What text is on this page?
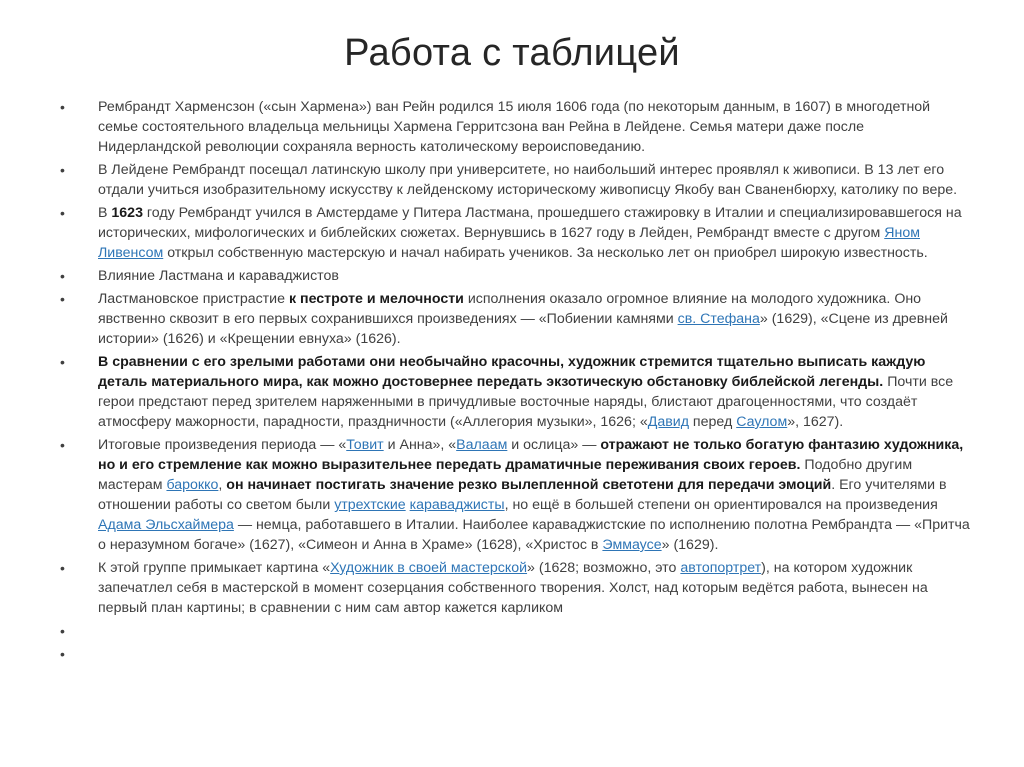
Работа с таблицей
• Рембрандт Харменсзон («сын Хармена») ван Рейн родился 15 июля 1606 года (по некоторым данным, в 1607) в многодетной семье состоятельного владельца мельницы Хармена Герритсзона ван Рейна в Лейдене. Семья матери даже после Нидерландской революции сохраняла верность католическому вероисповеданию.
• В Лейдене Рембрандт посещал латинскую школу при университете, но наибольший интерес проявлял к живописи. В 13 лет его отдали учиться изобразительному искусству к лейденскому историческому живописцу Якобу ван Сваненбюрху, католику по вере.
• В 1623 году Рембрандт учился в Амстердаме у Питера Ластмана, прошедшего стажировку в Италии и специализировавшегося на исторических, мифологических и библейских сюжетах. Вернувшись в 1627 году в Лейден, Рембрандт вместе с другом Яном Ливенсом открыл собственную мастерскую и начал набирать учеников. За несколько лет он приобрел широкую известность.
• Влияние Ластмана и караваджистов
• Ластмановское пристрастие к пестроте и мелочности исполнения оказало огромное влияние на молодого художника. Оно явственно сквозит в его первых сохранившихся произведениях — «Побиении камнями св. Стефана» (1629), «Сцене из древней истории» (1626) и «Крещении евнуха» (1626).
• В сравнении с его зрелыми работами они необычайно красочны, художник стремится тщательно выписать каждую деталь материального мира, как можно достовернее передать экзотическую обстановку библейской легенды. Почти все герои предстают перед зрителем наряженными в причудливые восточные наряды, блистают драгоценностями, что создаёт атмосферу мажорности, парадности, праздничности («Аллегория музыки», 1626; «Давид перед Саулом», 1627).
• Итоговые произведения периода — «Товит и Анна», «Валаам и ослица» — отражают не только богатую фантазию художника, но и его стремление как можно выразительнее передать драматичные переживания своих героев. Подобно другим мастерам барокко, он начинает постигать значение резко вылепленной светотени для передачи эмоций. Его учителями в отношении работы со светом были утрехтские караваджисты, но ещё в большей степени он ориентировался на произведения Адама Эльсхаймера — немца, работавшего в Италии. Наиболее караваджистские по исполнению полотна Рембрандта — «Притча о неразумном богаче» (1627), «Симеон и Анна в Храме» (1628), «Христос в Эммаусе» (1629).
• К этой группе примыкает картина «Художник в своей мастерской» (1628; возможно, это автопортрет), на котором художник запечатлел себя в мастерской в момент созерцания собственного творения. Холст, над которым ведётся работа, вынесен на первый план картины; в сравнении с ним сам автор кажется карликом
•
•
